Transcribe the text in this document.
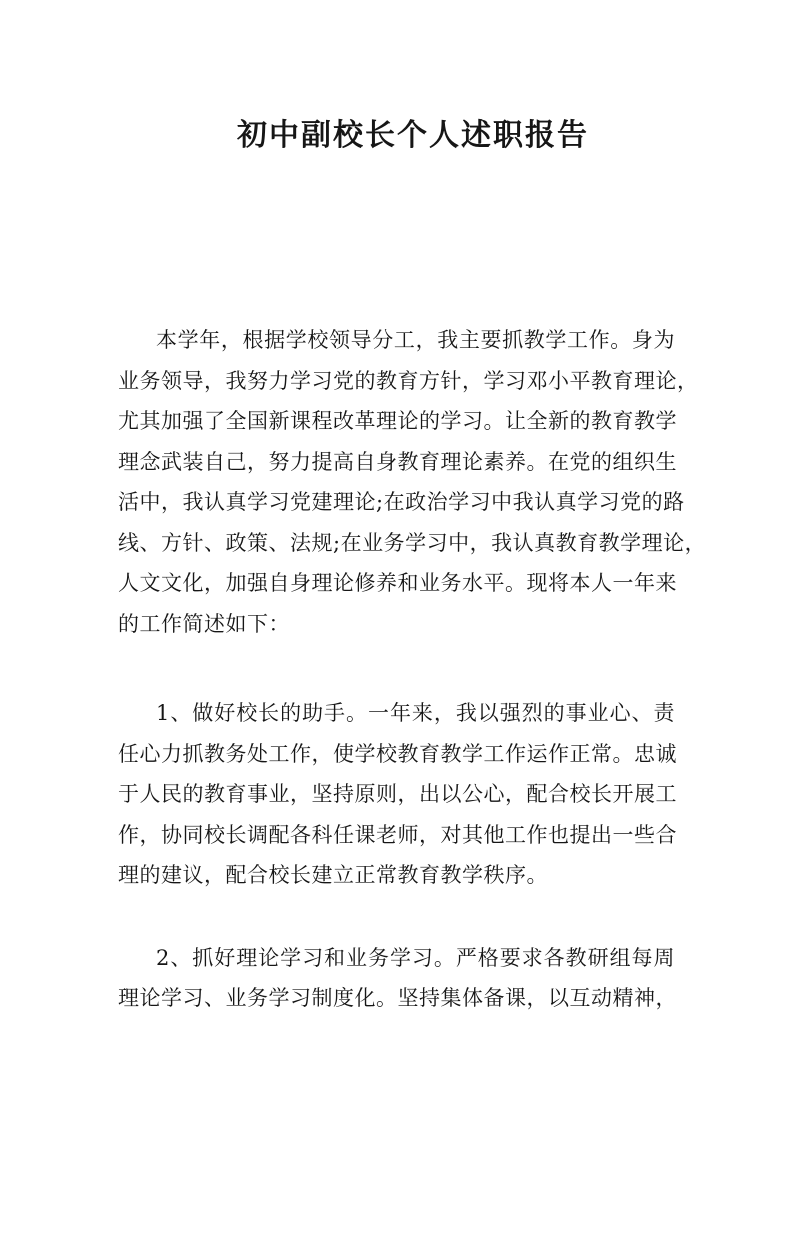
初中副校长个人述职报告
本学年，根据学校领导分工，我主要抓教学工作。身为
业务领导，我努力学习党的教育方针，学习邓小平教育理论，
尤其加强了全国新课程改革理论的学习。让全新的教育教学
理念武装自己，努力提高自身教育理论素养。在党的组织生
活中，我认真学习党建理论;在政治学习中我认真学习党的路
线、方针、政策、法规;在业务学习中，我认真教育教学理论，
人文文化，加强自身理论修养和业务水平。现将本人一年来
的工作简述如下：
1、做好校长的助手。一年来，我以强烈的事业心、责
任心力抓教务处工作，使学校教育教学工作运作正常。忠诚
于人民的教育事业，坚持原则，出以公心，配合校长开展工
作，协同校长调配各科任课老师，对其他工作也提出一些合
理的建议，配合校长建立正常教育教学秩序。
2、抓好理论学习和业务学习。严格要求各教研组每周
理论学习、业务学习制度化。坚持集体备课，以互动精神，
